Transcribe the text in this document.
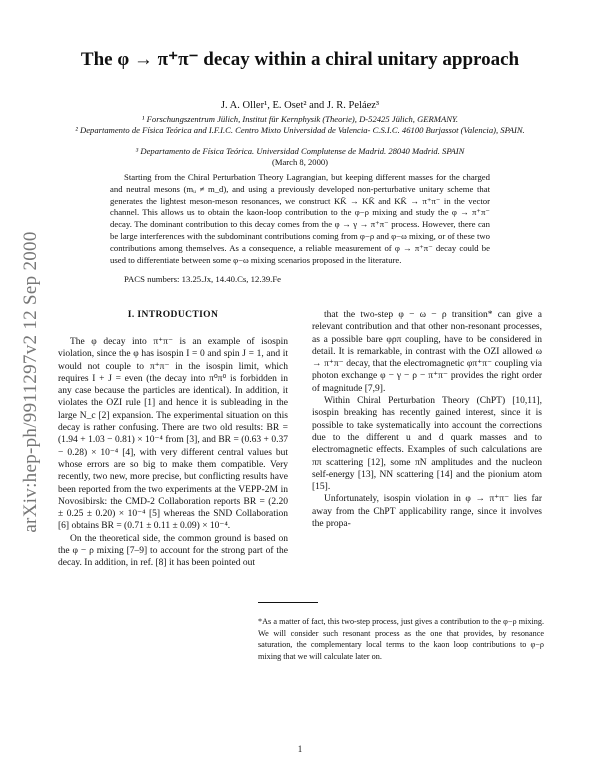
arXiv:hep-ph/9911297v2 12 Sep 2000
The φ → π⁺π⁻ decay within a chiral unitary approach
J. A. Oller¹, E. Oset² and J. R. Peláez³
¹ Forschungszentrum Jülich, Institut für Kernphysik (Theorie), D-52425 Jülich, GERMANY.
² Departamento de Física Teórica and I.F.I.C. Centro Mixto Universidad de Valencia- C.S.I.C. 46100 Burjassot (Valencia), SPAIN.
³ Departamento de Física Teórica. Universidad Complutense de Madrid. 28040 Madrid. SPAIN
(March 8, 2000)

Starting from the Chiral Perturbation Theory Lagrangian, but keeping different masses for the charged and neutral mesons (mᵤ ≠ m_d), and using a previously developed non-perturbative unitary scheme that generates the lightest meson-meson resonances, we construct KK̄ → KK̄ and KK̄ → π⁺π⁻ in the vector channel. This allows us to obtain the kaon-loop contribution to the φ−ρ mixing and study the φ → π⁺π⁻ decay. The dominant contribution to this decay comes from the φ → γ → π⁺π⁻ process. However, there can be large interferences with the subdominant contributions coming from φ−ρ and φ−ω mixing, or of these two contributions among themselves. As a consequence, a reliable measurement of φ → π⁺π⁻ decay could be used to differentiate between some φ−ω mixing scenarios proposed in the literature.

PACS numbers: 13.25.Jx, 14.40.Cs, 12.39.Fe
I. INTRODUCTION

The φ decay into π⁺π⁻ is an example of isospin violation, since the φ has isospin I = 0 and spin J = 1, and it would not couple to π⁺π⁻ in the isospin limit, which requires I + J = even (the decay into π⁰π⁰ is forbidden in any case because the particles are identical). In addition, it violates the OZI rule [1] and hence it is subleading in the large N_c [2] expansion. The experimental situation on this decay is rather confusing. There are two old results: BR = (1.94 + 1.03 − 0.81) × 10⁻⁴ from [3], and BR = (0.63 + 0.37 − 0.28) × 10⁻⁴ [4], with very different central values but whose errors are so big to make them compatible. Very recently, two new, more precise, but conflicting results have been reported from the two experiments at the VEPP-2M in Novosibirsk: the CMD-2 Collaboration reports BR = (2.20 ± 0.25 ± 0.20) × 10⁻⁴ [5] whereas the SND Collaboration [6] obtains BR = (0.71 ± 0.11 ± 0.09) × 10⁻⁴.

On the theoretical side, the common ground is based on the φ − ρ mixing [7–9] to account for the strong part of the decay. In addition, in ref. [8] it has been pointed out

that the two-step φ − ω − ρ transition* can give a relevant contribution and that other non-resonant processes, as a possible bare φρπ coupling, have to be considered in detail. It is remarkable, in contrast with the OZI allowed ω → π⁺π⁻ decay, that the electromagnetic φπ⁺π⁻ coupling via photon exchange φ − γ − ρ − π⁺π⁻ provides the right order of magnitude [7,9].

Within Chiral Perturbation Theory (ChPT) [10,11], isospin breaking has recently gained interest, since it is possible to take systematically into account the corrections due to the different u and d quark masses and to electromagnetic effects. Examples of such calculations are ππ scattering [12], some πN amplitudes and the nucleon self-energy [13], NN scattering [14] and the pionium atom [15].

Unfortunately, isospin violation in φ → π⁺π⁻ lies far away from the ChPT applicability range, since it involves the propa-

*As a matter of fact, this two-step process, just gives a contribution to the φ−ρ mixing. We will consider such resonant process as the one that provides, by resonance saturation, the complementary local terms to the kaon loop contributions to φ−ρ mixing that we will calculate later on.
1
